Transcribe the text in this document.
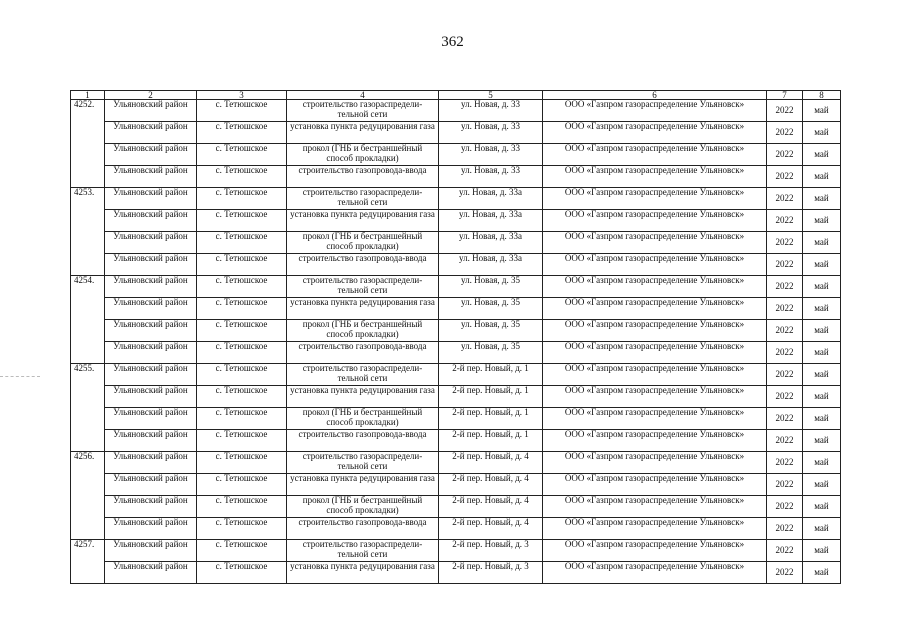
362
1	2	3	4	5	6	7	8
4252.	Ульяновский район	с. Тетюшское	строительство газораспредели-тельной сети	ул. Новая, д. 33	ООО «Газпром газораспределение Ульяновск»	2022	май
	Ульяновский район	с. Тетюшское	установка пункта редуцирования газа	ул. Новая, д. 33	ООО «Газпром газораспределение Ульяновск»	2022	май
	Ульяновский район	с. Тетюшское	прокол (ГНБ и бестраншейный способ прокладки)	ул. Новая, д. 33	ООО «Газпром газораспределение Ульяновск»	2022	май
	Ульяновский район	с. Тетюшское	строительство газопровода-ввода	ул. Новая, д. 33	ООО «Газпром газораспределение Ульяновск»	2022	май
4253.	Ульяновский район	с. Тетюшское	строительство газораспредели-тельной сети	ул. Новая, д. 33а	ООО «Газпром газораспределение Ульяновск»	2022	май
	Ульяновский район	с. Тетюшское	установка пункта редуцирования газа	ул. Новая, д. 33а	ООО «Газпром газораспределение Ульяновск»	2022	май
	Ульяновский район	с. Тетюшское	прокол (ГНБ и бестраншейный способ прокладки)	ул. Новая, д. 33а	ООО «Газпром газораспределение Ульяновск»	2022	май
	Ульяновский район	с. Тетюшское	строительство газопровода-ввода	ул. Новая, д. 33а	ООО «Газпром газораспределение Ульяновск»	2022	май
4254.	Ульяновский район	с. Тетюшское	строительство газораспредели-тельной сети	ул. Новая, д. 35	ООО «Газпром газораспределение Ульяновск»	2022	май
	Ульяновский район	с. Тетюшское	установка пункта редуцирования газа	ул. Новая, д. 35	ООО «Газпром газораспределение Ульяновск»	2022	май
	Ульяновский район	с. Тетюшское	прокол (ГНБ и бестраншейный способ прокладки)	ул. Новая, д. 35	ООО «Газпром газораспределение Ульяновск»	2022	май
	Ульяновский район	с. Тетюшское	строительство газопровода-ввода	ул. Новая, д. 35	ООО «Газпром газораспределение Ульяновск»	2022	май
4255.	Ульяновский район	с. Тетюшское	строительство газораспредели-тельной сети	2-й пер. Новый, д. 1	ООО «Газпром газораспределение Ульяновск»	2022	май
	Ульяновский район	с. Тетюшское	установка пункта редуцирования газа	2-й пер. Новый, д. 1	ООО «Газпром газораспределение Ульяновск»	2022	май
	Ульяновский район	с. Тетюшское	прокол (ГНБ и бестраншейный способ прокладки)	2-й пер. Новый, д. 1	ООО «Газпром газораспределение Ульяновск»	2022	май
	Ульяновский район	с. Тетюшское	строительство газопровода-ввода	2-й пер. Новый, д. 1	ООО «Газпром газораспределение Ульяновск»	2022	май
4256.	Ульяновский район	с. Тетюшское	строительство газораспредели-тельной сети	2-й пер. Новый, д. 4	ООО «Газпром газораспределение Ульяновск»	2022	май
	Ульяновский район	с. Тетюшское	установка пункта редуцирования газа	2-й пер. Новый, д. 4	ООО «Газпром газораспределение Ульяновск»	2022	май
	Ульяновский район	с. Тетюшское	прокол (ГНБ и бестраншейный способ прокладки)	2-й пер. Новый, д. 4	ООО «Газпром газораспределение Ульяновск»	2022	май
	Ульяновский район	с. Тетюшское	строительство газопровода-ввода	2-й пер. Новый, д. 4	ООО «Газпром газораспределение Ульяновск»	2022	май
4257.	Ульяновский район	с. Тетюшское	строительство газораспредели-тельной сети	2-й пер. Новый, д. 3	ООО «Газпром газораспределение Ульяновск»	2022	май
	Ульяновский район	с. Тетюшское	установка пункта редуцирования газа	2-й пер. Новый, д. 3	ООО «Газпром газораспределение Ульяновск»	2022	май
